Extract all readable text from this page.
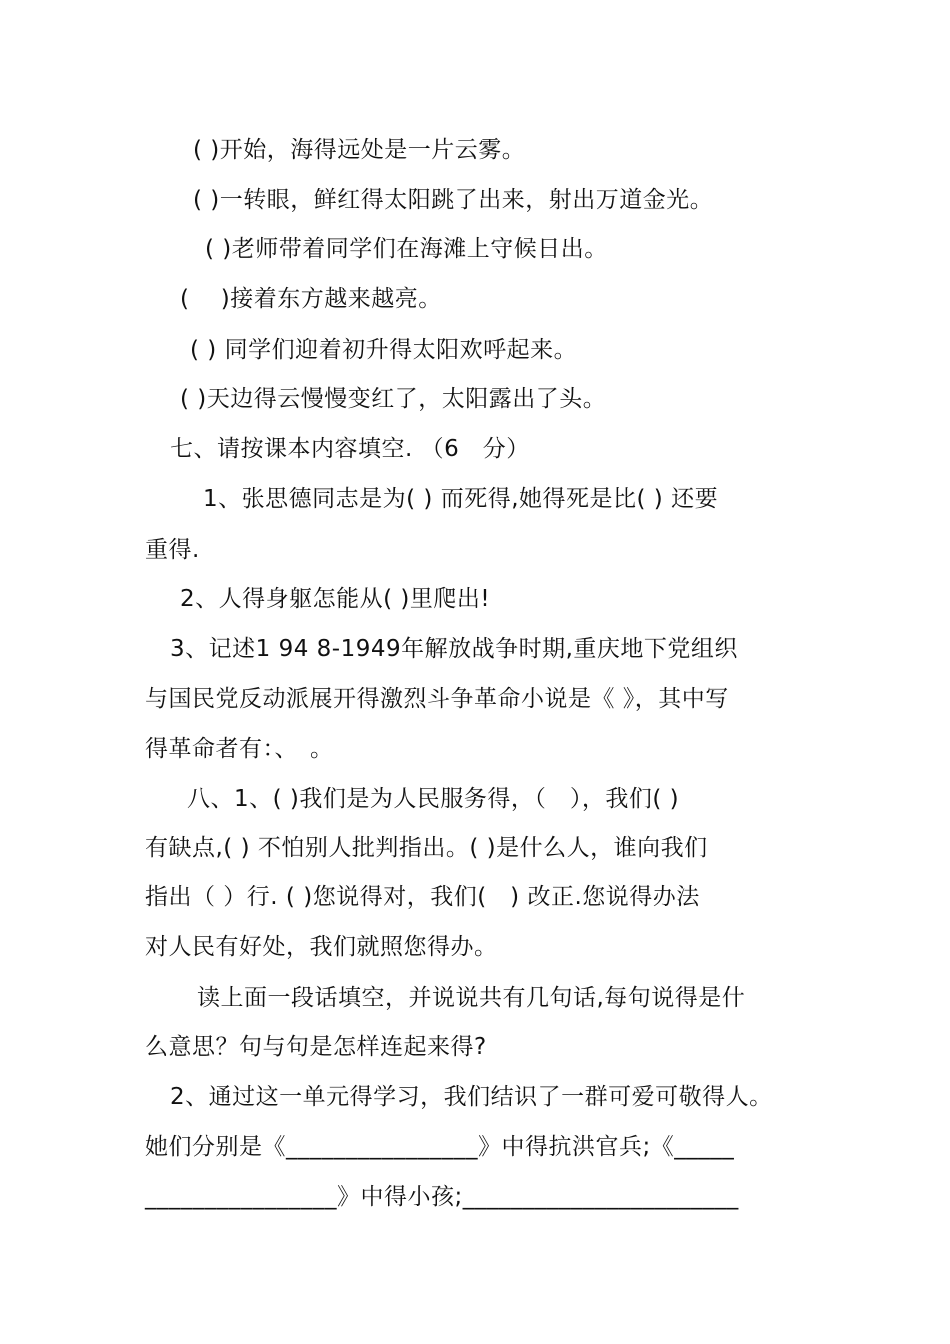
( )开始，海得远处是一片云雾。
( )一转眼，鲜红得太阳跳了出来，射出万道金光。
( )老师带着同学们在海滩上守候日出。
(　 )接着东方越来越亮。
( ) 同学们迎着初升得太阳欢呼起来。
( )天边得云慢慢变红了，太阳露出了头。
七、请按课本内容填空. （6　分）
1、张思德同志是为( ) 而死得,她得死是比( ) 还要
重得.
2、人得身躯怎能从( )里爬出!
3、记述1 94 8-1949年解放战争时期,重庆地下党组织
与国民党反动派展开得激烈斗争革命小说是《 》，其中写
得革命者有：、　。
八、1、( )我们是为人民服务得，（　），我们( )
有缺点,( ) 不怕别人批判指出。( )是什么人，谁向我们
指出（ ）行. ( )您说得对，我们(　) 改正.您说得办法
对人民有好处，我们就照您得办。
读上面一段话填空，并说说共有几句话,每句说得是什
么意思？句与句是怎样连起来得?
2、通过这一单元得学习，我们结识了一群可爱可敬得人。
她们分别是《________________》中得抗洪官兵;《_____
________________》中得小孩;_______________________
